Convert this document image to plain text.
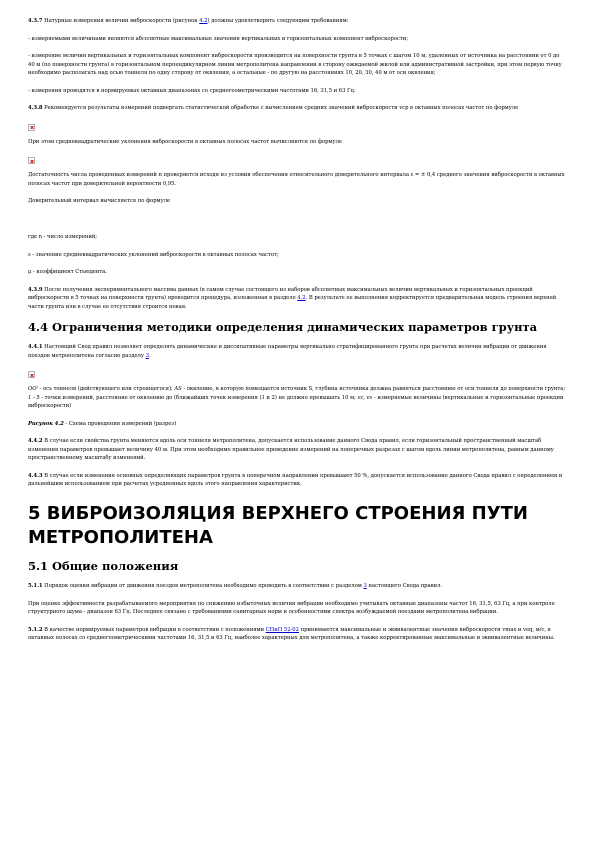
4.3.7 Натурные измерения величин виброскорости (рисунок 4.2) должны удовлетворять следующим требованиям:

- измеряемыми величинами являются абсолютные максимальные значения вертикальных и горизонтальных компонент виброскорости;

- измерение величин вертикальных и горизонтальных компонент виброскорости производится на поверхности грунта в 5 точках с шагом 10 м, удаленных от источника на расстоянии от 0 до 40 м (по поверхности грунта) в горизонтальном перпендикулярном линии метрополитена направлении в сторону ожидаемой жилой или административной застройки, при этом первую точку необходимо располагать над осью тоннеля по одну сторону от оквления, а остальные - по другую на расстояниях 10, 20, 30, 40 м от оси оквления;

- измерения проводятся в нормируемых октавных диапазонах со среднегеометрическими частотами 16, 31,5 и 63 Гц.

4.3.8 Рекомендуется результаты измерений подвергать статистической обработке с вычислением средних значений виброскорости vср в октавных полосах частот по формуле

При этом среднеквадратические уклонения виброскорости в октавных полосах частот вычисляются по формуле

Достаточность числа проведенных измерений n проверяется исходя из условия обеспечения относительного доверительного интервала ε = ± 0,4 среднего значения виброскорости в октавных полосах частот при доверительной вероятности 0,95.

Доверительный интервал вычисляется по формуле

где n - число измерений;

s - значение среднеквадратических уклонений виброскорости в октавных полосах частот;

μ - коэффициент Стьюдента.

4.3.9 После получения экспериментального массива данных (в самом случае состоящего из наборов абсолютных максимальных величин вертикальных и горизонтальных проекций виброскорости в 5 точках на поверхности грунта) проводится процедура, изложенная в разделе 4.2. В результате ее выполнения корректируется предварительная модель строения верхней части грунта или в случае ее отсутствия строится новая.

4.4 Ограничения методики определения динамических параметров грунта

4.4.1 Настоящий Свод правил позволяет определять динамические и диссипативные параметры вертикально стратифицированного грунта при расчетах величин вибрации от движения поездов метрополитена согласно разделу 3.

OO' - ось тоннеля (действующего или строящегося); AS - оквление, в которую помещается источник S, глубина источника должна равняться расстоянию от оси тоннеля до поверхности грунта; 1 - 5 - точки измерений, расстояние от оквлению до (ближайших точек измерения (1 и 2) не должно превышать 10 м; vz, vx - измеряемые величины (вертикальные и горизонтальные проекции виброскорости)

Рисунок 4.2 - Схема проведения измерений (разрез)

4.4.2 В случае если свойства грунта меняются вдоль оси тоннеля метрополитена, допускается использование данного Свода правил, если горизонтальный пространственный масштаб изменения параметров превышает величину 40 м. При этом необходимо правильное проведение измерений на поперечных разрезах с шагом вдоль линии метрополитена, равным данному пространственному масштабу изменений.

4.4.3 В случае если изменения основных определяющих параметров грунта в поперечном направлении превышают 50 %, допускается использование данного Свода правил с определением и дальнейшим использованием при расчетах усредненных вдоль этого направления характеристик.

5 ВИБРОИЗОЛЯЦИЯ ВЕРХНЕГО СТРОЕНИЯ ПУТИ МЕТРОПОЛИТЕНА
5.1 Общие положения

5.1.1 Порядок оценки вибрации от движения поездов метрополитена необходимо проводить в соответствии с разделом 3 настоящего Свода правил.

При оценке эффективности разрабатываемого мероприятия по снижению избыточных величин вибрации необходимо учитывать октавные диапазоны частот 16, 31,5, 63 Гц, а при контроле структурного шума - диапазон 63 Гц. Последнее связано с требованиями санитарных норм и особенностями спектра возбуждаемой поездами метрополитена вибрации.

5.1.2 В качестве нормируемых параметров вибрации в соответствии с положениями СНиП 52-02 принимаются максимальные и эквивалентные значения виброскорости vmax и veq, м/с, в октавных полосах со среднегеометрическими частотами 16, 31,5 и 63 Гц, наиболее характерных для метрополитена, а также корректированные максимальные и эквивалентные величины.
